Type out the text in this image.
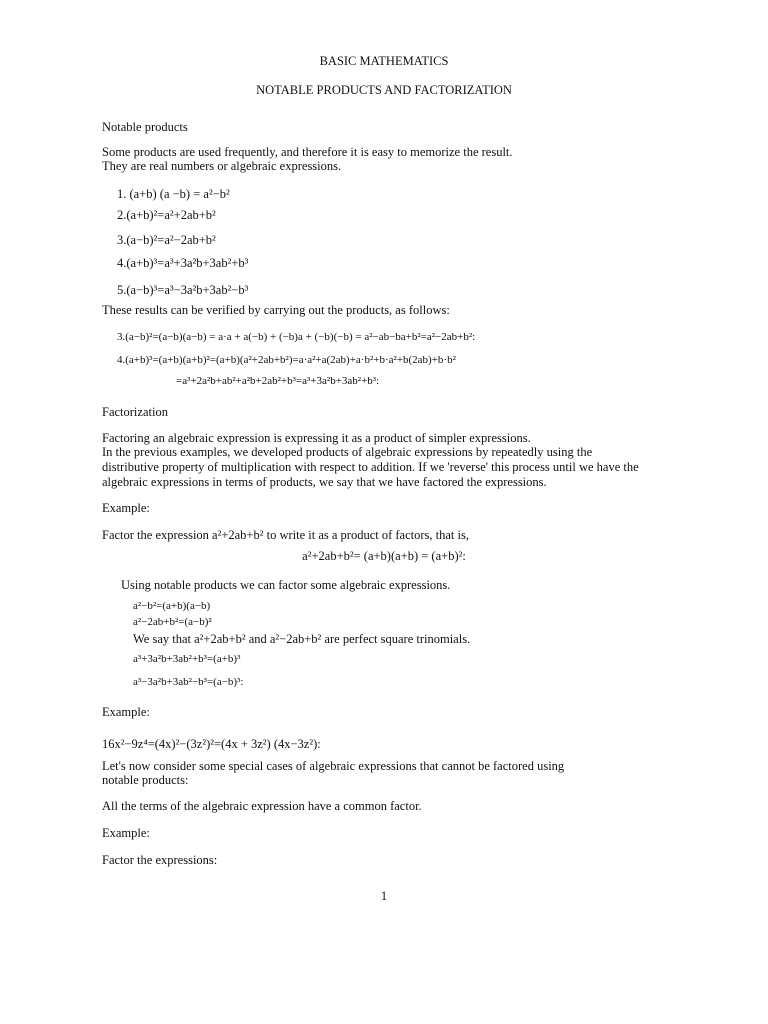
BASIC MATHEMATICS
NOTABLE PRODUCTS AND FACTORIZATION
Notable products
Some products are used frequently, and therefore it is easy to memorize the result.
They are real numbers or algebraic expressions.
1. (a+b) (a −b) = a²−b²
2.(a+b)²=a²+2ab+b²
3.(a−b)²=a²−2ab+b²
4.(a+b)³=a³+3a²b+3ab²+b³
5.(a−b)³=a³−3a²b+3ab²−b³
These results can be verified by carrying out the products, as follows:
3.(a−b)²=(a−b)(a−b) = a·a + a(−b) + (−b)a + (−b)(−b) = a²−ab−ba+b²=a²−2ab+b²:
4.(a+b)³=(a+b)(a+b)²=(a+b)(a²+2ab+b²)=a·a²+a(2ab)+a·b²+b·a²+b(2ab)+b·b²
=a³+2a²b+ab²+a²b+2ab²+b³=a³+3a²b+3ab²+b³:
Factorization
Factoring an algebraic expression is expressing it as a product of simpler expressions.
In the previous examples, we developed products of algebraic expressions by repeatedly using the
distributive property of multiplication with respect to addition. If we 'reverse' this process until we have the
algebraic expressions in terms of products, we say that we have factored the expressions.
Example:
Factor the expression a²+2ab+b² to write it as a product of factors, that is,
a²+2ab+b²= (a+b)(a+b) = (a+b)²:
Using notable products we can factor some algebraic expressions.
a²−b²=(a+b)(a−b)
a²−2ab+b²=(a−b)²
We say that a²+2ab+b² and a²−2ab+b² are perfect square trinomials.
a³+3a²b+3ab²+b³=(a+b)³
a³−3a²b+3ab²−b³=(a−b)³:
Example:
16x²−9z⁴=(4x)²−(3z²)²=(4x + 3z²) (4x−3z²):
Let's now consider some special cases of algebraic expressions that cannot be factored using
notable products:
All the terms of the algebraic expression have a common factor.
Example:
Factor the expressions:
1
